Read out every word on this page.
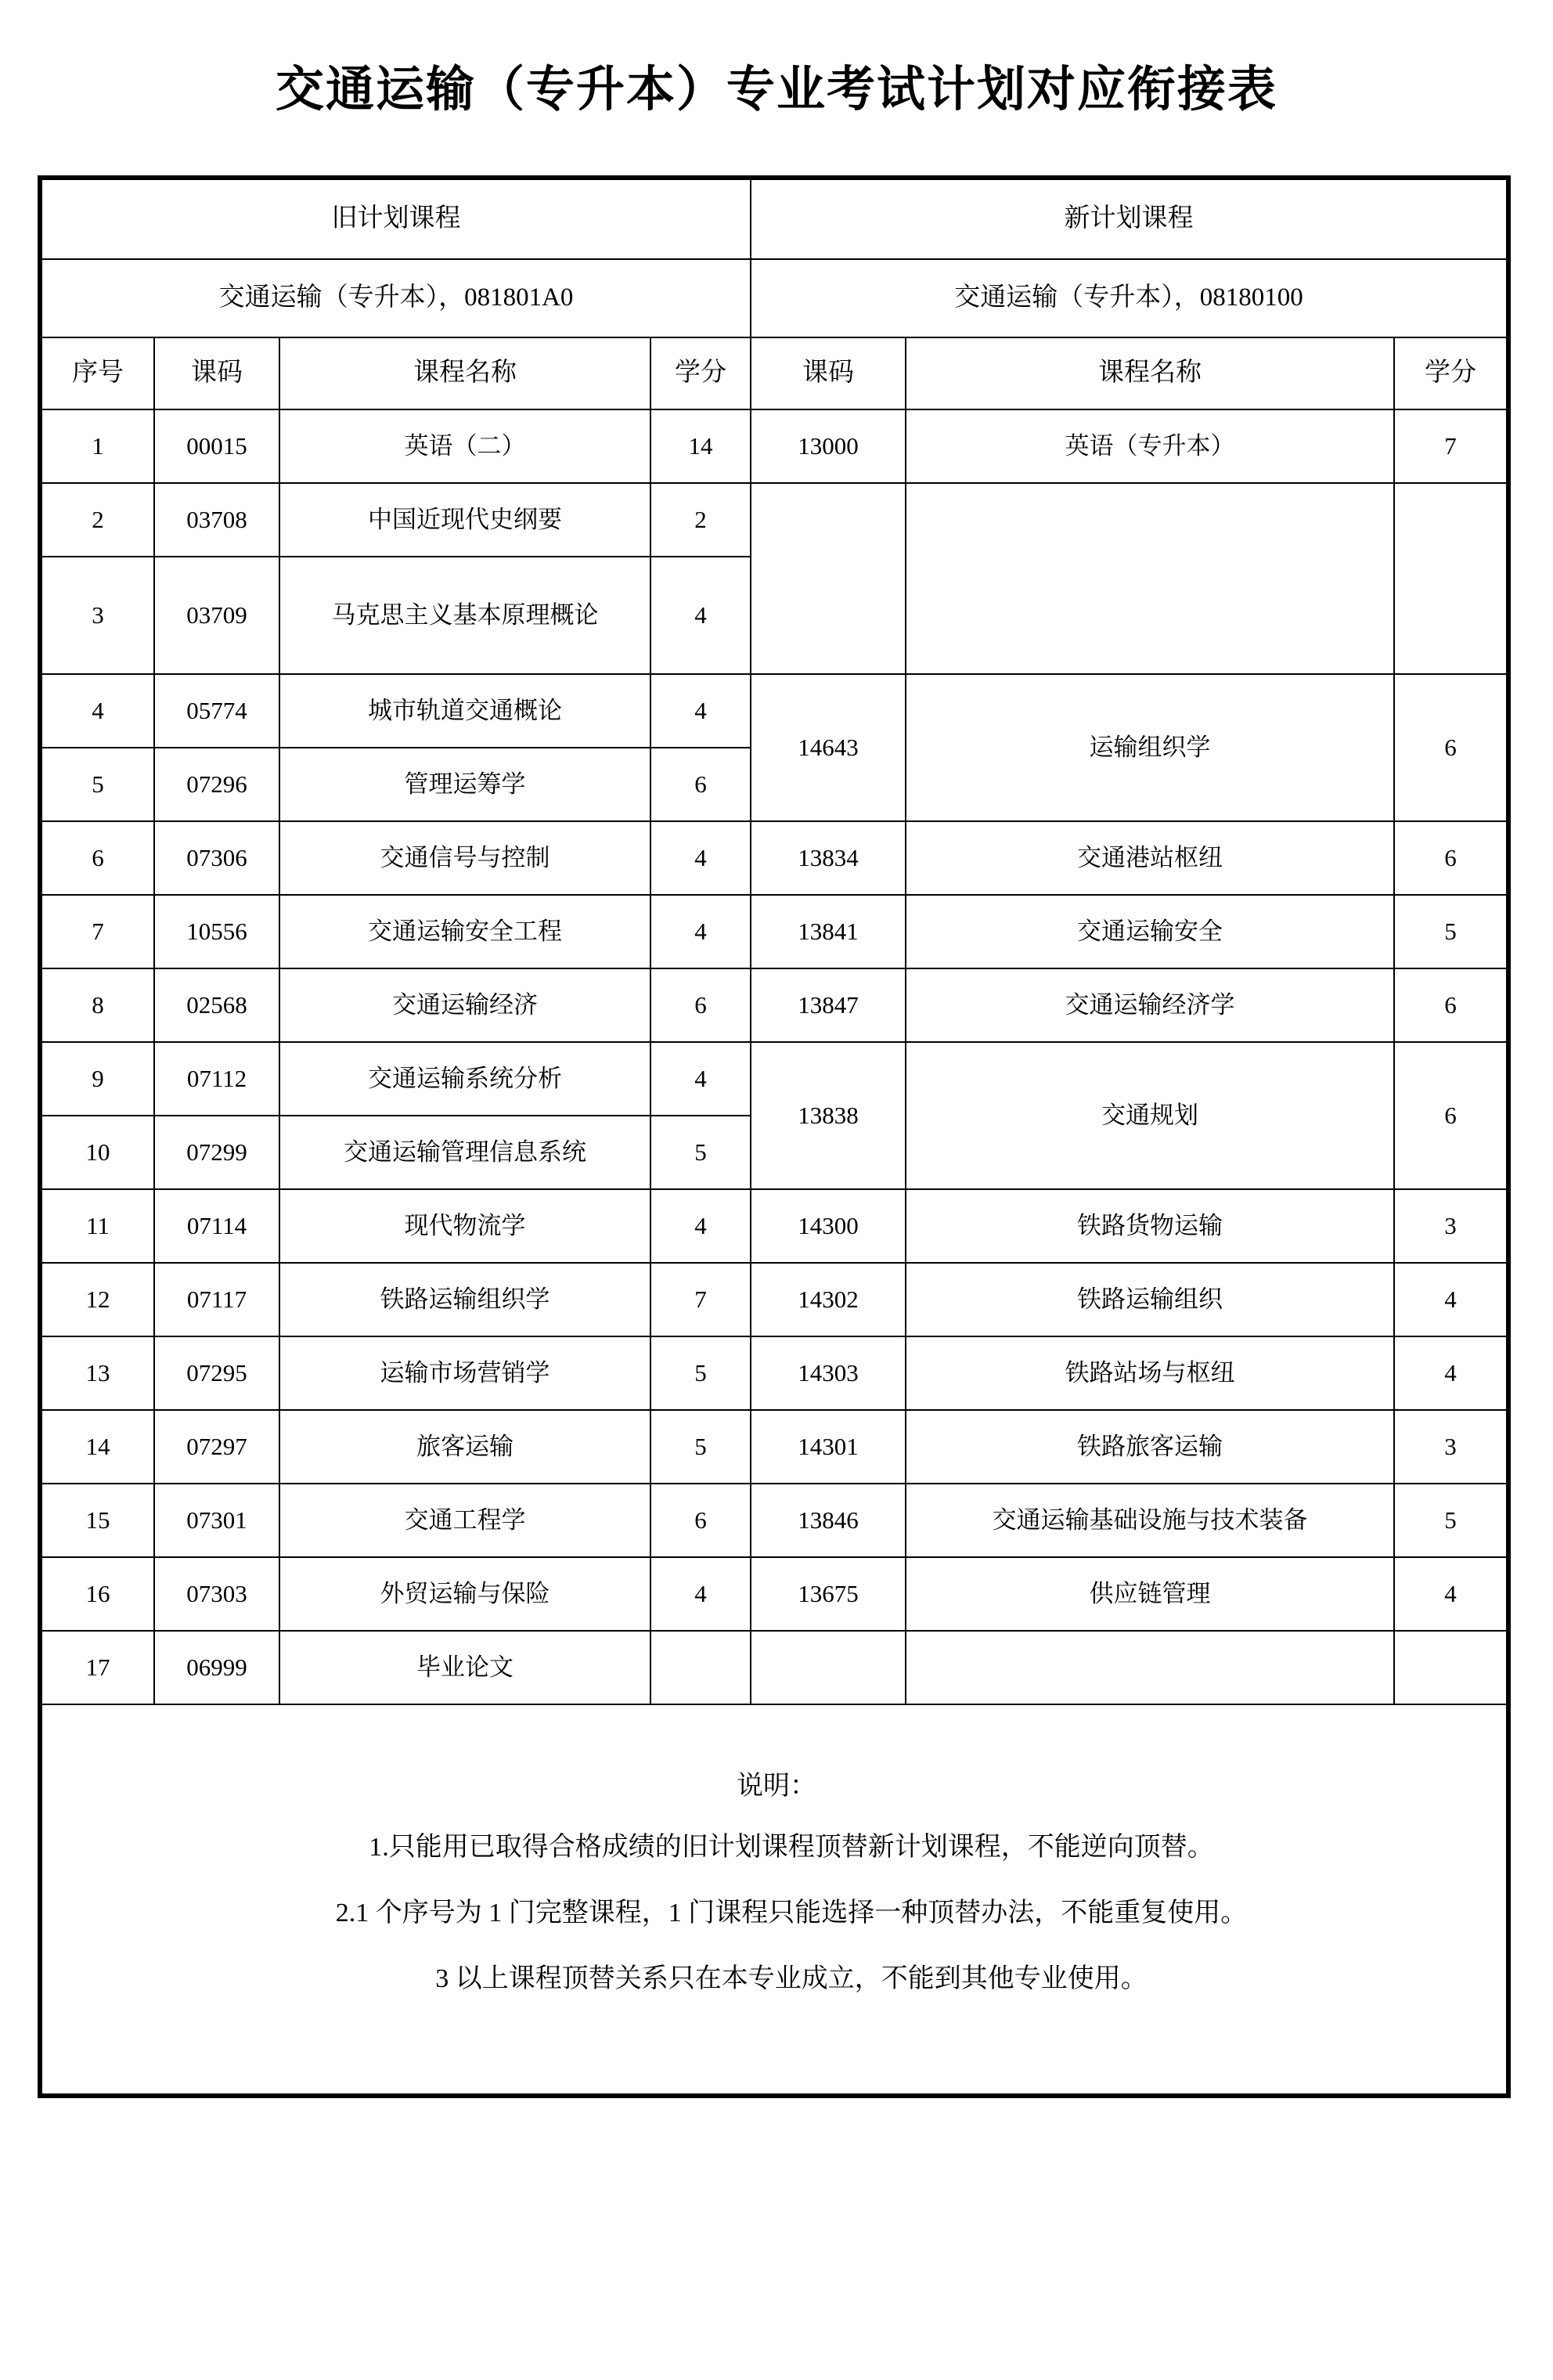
交通运输（专升本）专业考试计划对应衔接表
旧计划课程				新计划课程		
交通运输（专升本），081801A0				交通运输（专升本），08180100		
序号	课码	课程名称	学分	课码	课程名称	学分
1	00015	英语（二）	14	13000	英语（专升本）	7
2	03708	中国近现代史纲要	2			
3	03709	马克思主义基本原理概论	4			
4	05774	城市轨道交通概论	4	14643	运输组织学	6
5	07296	管理运筹学	6			
6	07306	交通信号与控制	4	13834	交通港站枢纽	6
7	10556	交通运输安全工程	4	13841	交通运输安全	5
8	02568	交通运输经济	6	13847	交通运输经济学	6
9	07112	交通运输系统分析	4	13838	交通规划	6
10	07299	交通运输管理信息系统	5			
11	07114	现代物流学	4	14300	铁路货物运输	3
12	07117	铁路运输组织学	7	14302	铁路运输组织	4
13	07295	运输市场营销学	5	14303	铁路站场与枢纽	4
14	07297	旅客运输	5	14301	铁路旅客运输	3
15	07301	交通工程学	6	13846	交通运输基础设施与技术装备	5
16	07303	外贸运输与保险	4	13675	供应链管理	4
17	06999	毕业论文				

说明：
1.只能用已取得合格成绩的旧计划课程顶替新计划课程，不能逆向顶替。
2.1 个序号为 1 门完整课程，1 门课程只能选择一种顶替办法，不能重复使用。
3 以上课程顶替关系只在本专业成立，不能到其他专业使用。						
